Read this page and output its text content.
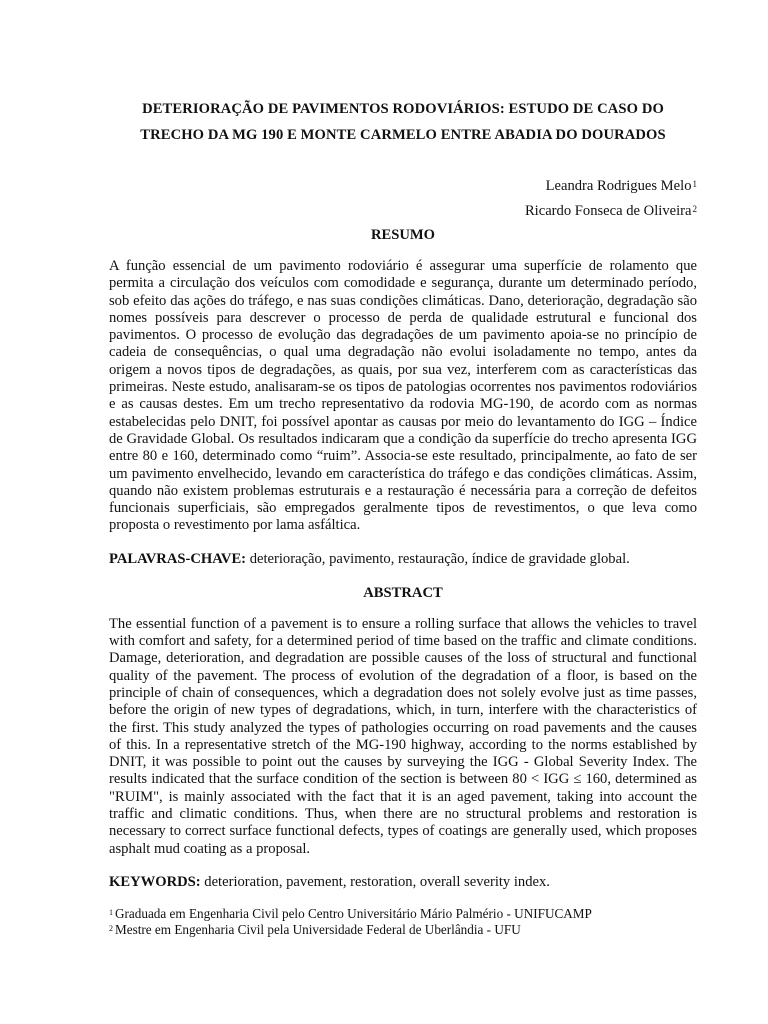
DETERIORAÇÃO DE PAVIMENTOS RODOVIÁRIOS: ESTUDO DE CASO DO
TRECHO DA MG 190 E MONTE CARMELO ENTRE ABADIA DO DOURADOS
Leandra Rodrigues Melo$^1$
Ricardo Fonseca de Oliveira$^2$
RESUMO

A função essencial de um pavimento rodoviário é assegurar uma superfície de rolamento que permita a circulação dos veículos com comodidade e segurança, durante um determinado período, sob efeito das ações do tráfego, e nas suas condições climáticas. Dano, deterioração, degradação são nomes possíveis para descrever o processo de perda de qualidade estrutural e funcional dos pavimentos. O processo de evolução das degradações de um pavimento apoia-se no princípio de cadeia de consequências, o qual uma degradação não evolui isoladamente no tempo, antes da origem a novos tipos de degradações, as quais, por sua vez, interferem com as características das primeiras. Neste estudo, analisaram-se os tipos de patologias ocorrentes nos pavimentos rodoviários e as causas destes. Em um trecho representativo da rodovia MG-190, de acordo com as normas estabelecidas pelo DNIT, foi possível apontar as causas por meio do levantamento do IGG – Índice de Gravidade Global. Os resultados indicaram que a condição da superfície do trecho apresenta IGG entre 80 e 160, determinado como “ruim”. Associa-se este resultado, principalmente, ao fato de ser um pavimento envelhecido, levando em característica do tráfego e das condições climáticas. Assim, quando não existem problemas estruturais e a restauração é necessária para a correção de defeitos funcionais superficiais, são empregados geralmente tipos de revestimentos, o que leva como proposta o revestimento por lama asfáltica.

PALAVRAS-CHAVE: deterioração, pavimento, restauração, índice de gravidade global.
ABSTRACT

The essential function of a pavement is to ensure a rolling surface that allows the vehicles to travel with comfort and safety, for a determined period of time based on the traffic and climate conditions. Damage, deterioration, and degradation are possible causes of the loss of structural and functional quality of the pavement. The process of evolution of the degradation of a floor, is based on the principle of chain of consequences, which a degradation does not solely evolve just as time passes, before the origin of new types of degradations, which, in turn, interfere with the characteristics of the first. This study analyzed the types of pathologies occurring on road pavements and the causes of this. In a representative stretch of the MG-190 highway, according to the norms established by DNIT, it was possible to point out the causes by surveying the IGG - Global Severity Index. The results indicated that the surface condition of the section is between 80 < IGG ≤ 160, determined as "RUIM", is mainly associated with the fact that it is an aged pavement, taking into account the traffic and climatic conditions. Thus, when there are no structural problems and restoration is necessary to correct surface functional defects, types of coatings are generally used, which proposes asphalt mud coating as a proposal.

KEYWORDS: deterioration, pavement, restoration, overall severity index.
$^1$ Graduada em Engenharia Civil pelo Centro Universitário Mário Palmério - UNIFUCAMP
$^2$ Mestre em Engenharia Civil pela Universidade Federal de Uberlândia - UFU
